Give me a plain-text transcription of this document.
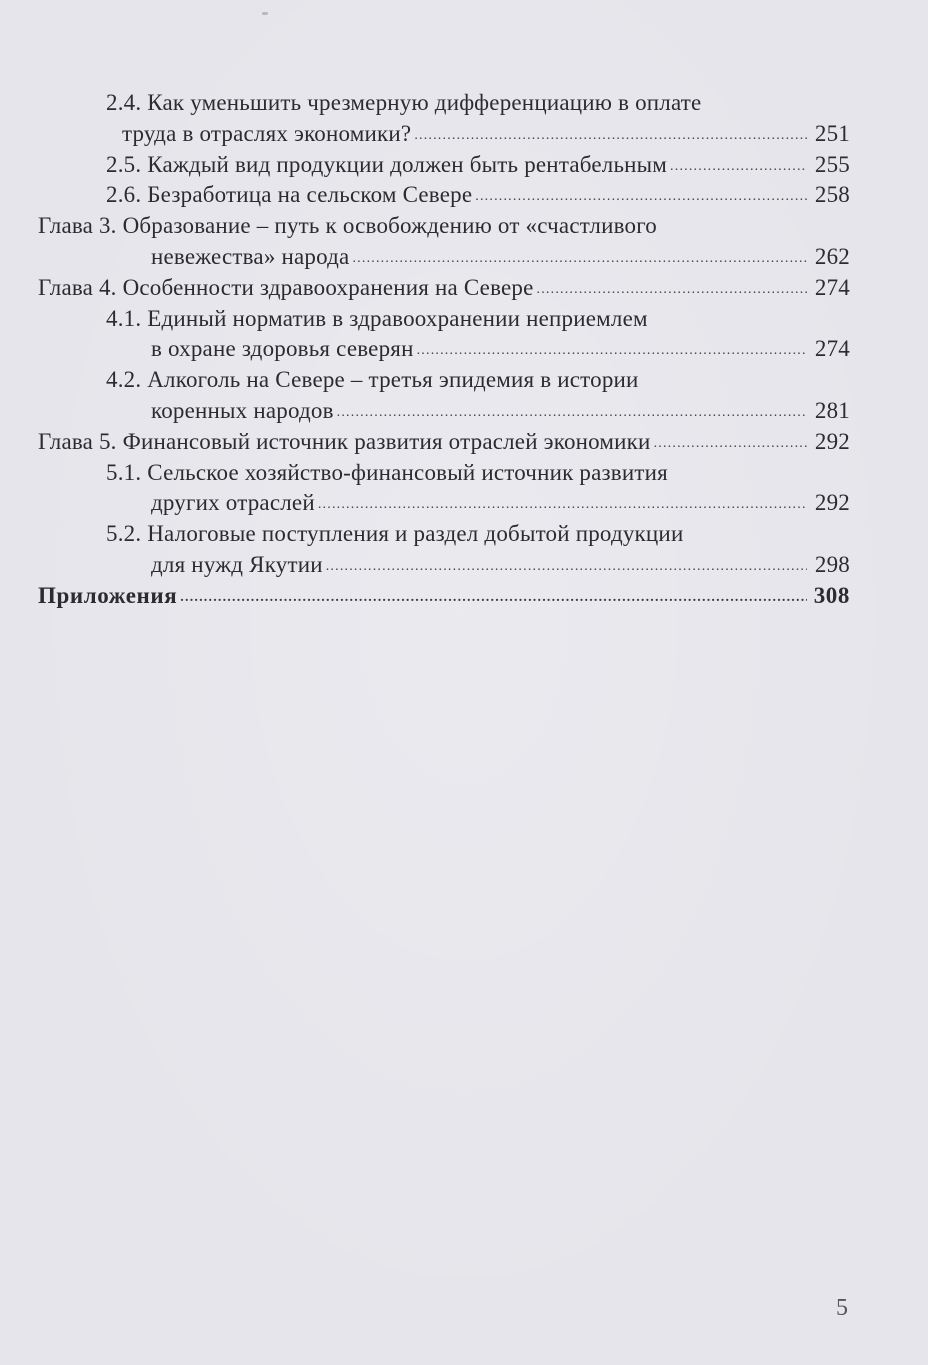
2.4. Как уменьшить чрезмерную дифференциацию в оплате
труда в отраслях экономики? .....	251
2.5. Каждый вид продукции должен быть рентабельным .....	255
2.6. Безработица на сельском Севере .....	258
Глава 3. Образование – путь к освобождению от «счастливого
невежества» народа .....	262
Глава 4. Особенности здравоохранения на Севере .....	274
4.1. Единый норматив в здравоохранении неприемлем
в охране здоровья северян .....	274
4.2. Алкоголь на Севере – третья эпидемия в истории
коренных народов .....	281
Глава 5. Финансовый источник развития отраслей экономики .....	292
5.1. Сельское хозяйство-финансовый источник развития
других отраслей .....	292
5.2. Налоговые поступления и раздел добытой продукции
для нужд Якутии .....	298
Приложения .....	308
5
